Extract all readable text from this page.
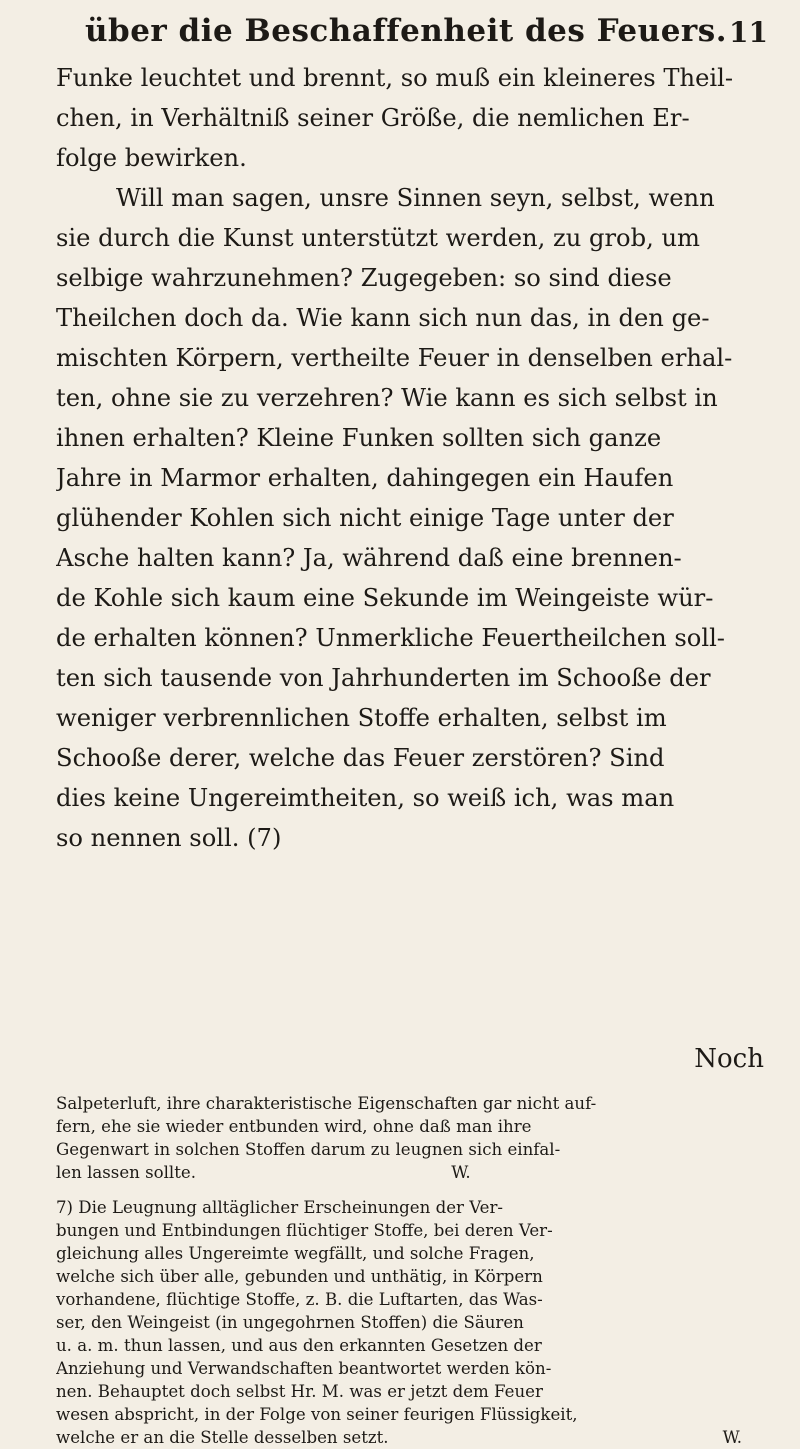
über die Beschaffenheit des Feuers. 11
Funke leuchtet und brennt, so muß ein kleineres Theil-
chen, in Verhältniß seiner Größe, die nemlichen Er-
folge bewirken.
Will man sagen, unsre Sinnen seyn, selbst, wenn
sie durch die Kunst unterstützt werden, zu grob, um
selbige wahrzunehmen? Zugegeben: so sind diese
Theilchen doch da. Wie kann sich nun das, in den ge-
mischten Körpern, vertheilte Feuer in denselben erhal-
ten, ohne sie zu verzehren? Wie kann es sich selbst in
ihnen erhalten? Kleine Funken sollten sich ganze
Jahre in Marmor erhalten, dahingegen ein Haufen
glühender Kohlen sich nicht einige Tage unter der
Asche halten kann? Ja, während daß eine brennen-
de Kohle sich kaum eine Sekunde im Weingeiste wür-
de erhalten können? Unmerkliche Feuertheilchen soll-
ten sich tausende von Jahrhunderten im Schooße der
weniger verbrennlichen Stoffe erhalten, selbst im
Schooße derer, welche das Feuer zerstören? Sind
dies keine Ungereimtheiten, so weiß ich, was man
so nennen soll. (7)
Noch
Salpeterluft, ihre charakteristische Eigenschaften gar nicht auf-
fern, ehe sie wieder entbunden wird, ohne daß man ihre
Gegenwart in solchen Stoffen darum zu leugnen sich einfal-
len lassen sollte.	W.
7) Die Leugnung alltäglicher Erscheinungen der Ver-
bungen und Entbindungen flüchtiger Stoffe, bei deren Ver-
gleichung alles Ungereimte wegfällt, und solche Fragen,
welche sich über alle, gebunden und unthätig, in Körpern
vorhandene, flüchtige Stoffe, z. B. die Luftarten, das Was-
ser, den Weingeist (in ungegohrnen Stoffen) die Säuren
u. a. m. thun lassen, und aus den erkannten Gesetzen der
Anziehung und Verwandschaften beantwortet werden kön-
nen. Behauptet doch selbst Hr. M. was er jetzt dem Feuer
wesen abspricht, in der Folge von seiner feurigen Flüssigkeit,
welche er an die Stelle desselben setzt.	W.
